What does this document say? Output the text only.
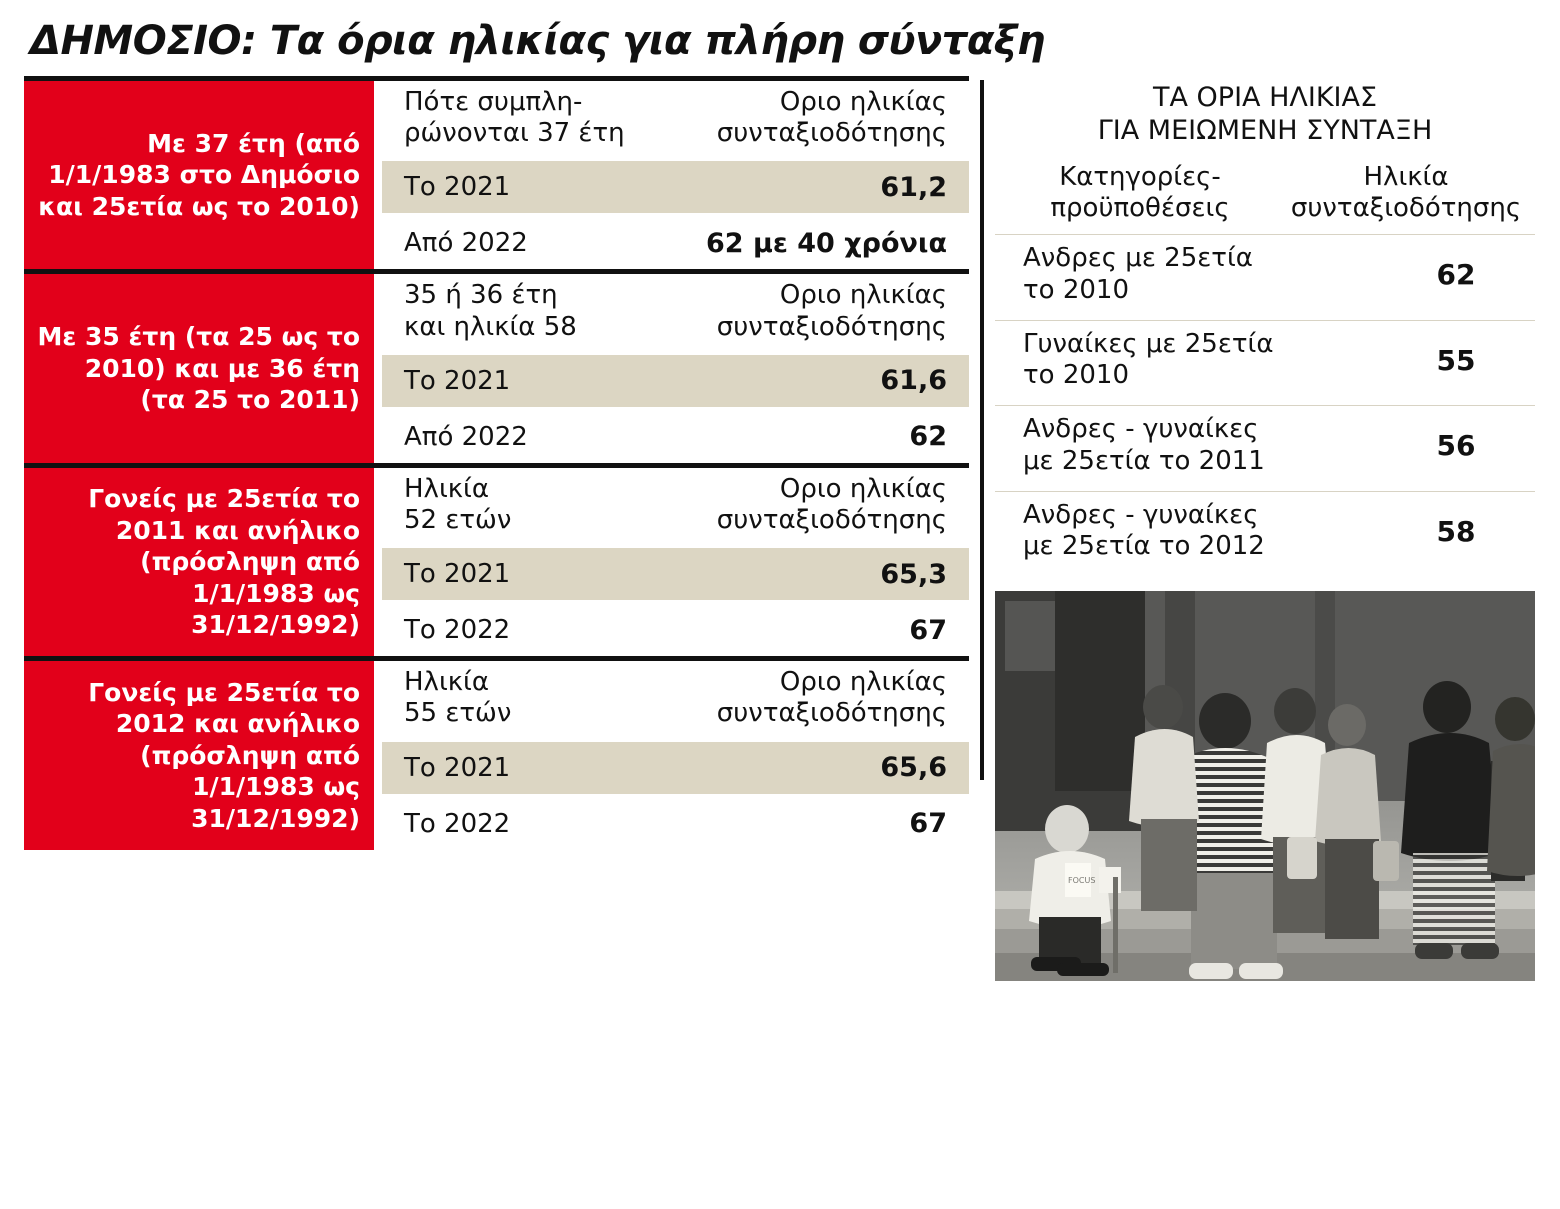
ΔΗΜΟΣΙΟ: Τα όρια ηλικίας για πλήρη σύνταξη
Με 37 έτη (από 1/1/1983 στο Δημόσιο και 25ετία ως το 2010)
Πότε συμπλη-
ρώνονται 37 έτη
Οριο ηλικίας
συνταξιοδότησης
Το 2021	61,2
Από 2022	62 με 40 χρόνια
Με 35 έτη (τα 25 ως το 2010) και με 36 έτη (τα 25 το 2011)
35 ή 36 έτη
και ηλικία 58
Οριο ηλικίας
συνταξιοδότησης
Το 2021	61,6
Από 2022	62
Γονείς με 25ετία το 2011 και ανήλικο (πρόσληψη από 1/1/1983 ως 31/12/1992)
Ηλικία
52 ετών
Οριο ηλικίας
συνταξιοδότησης
Το 2021	65,3
Το 2022	67
Γονείς με 25ετία το 2012 και ανήλικο (πρόσληψη από 1/1/1983 ως 31/12/1992)
Ηλικία
55 ετών
Οριο ηλικίας
συνταξιοδότησης
Το 2021	65,6
Το 2022	67
ΤΑ ΟΡΙΑ ΗΛΙΚΙΑΣ
ΓΙΑ ΜΕΙΩΜΕΝΗ ΣΥΝΤΑΞΗ
Κατηγορίες-
προϋποθέσεις
Ηλικία
συνταξιοδότησης
Ανδρες με 25ετία
το 2010	62
Γυναίκες με 25ετία
το 2010	55
Ανδρες - γυναίκες
με 25ετία το 2011	56
Ανδρες - γυναίκες
με 25ετία το 2012	58
FOCUS
